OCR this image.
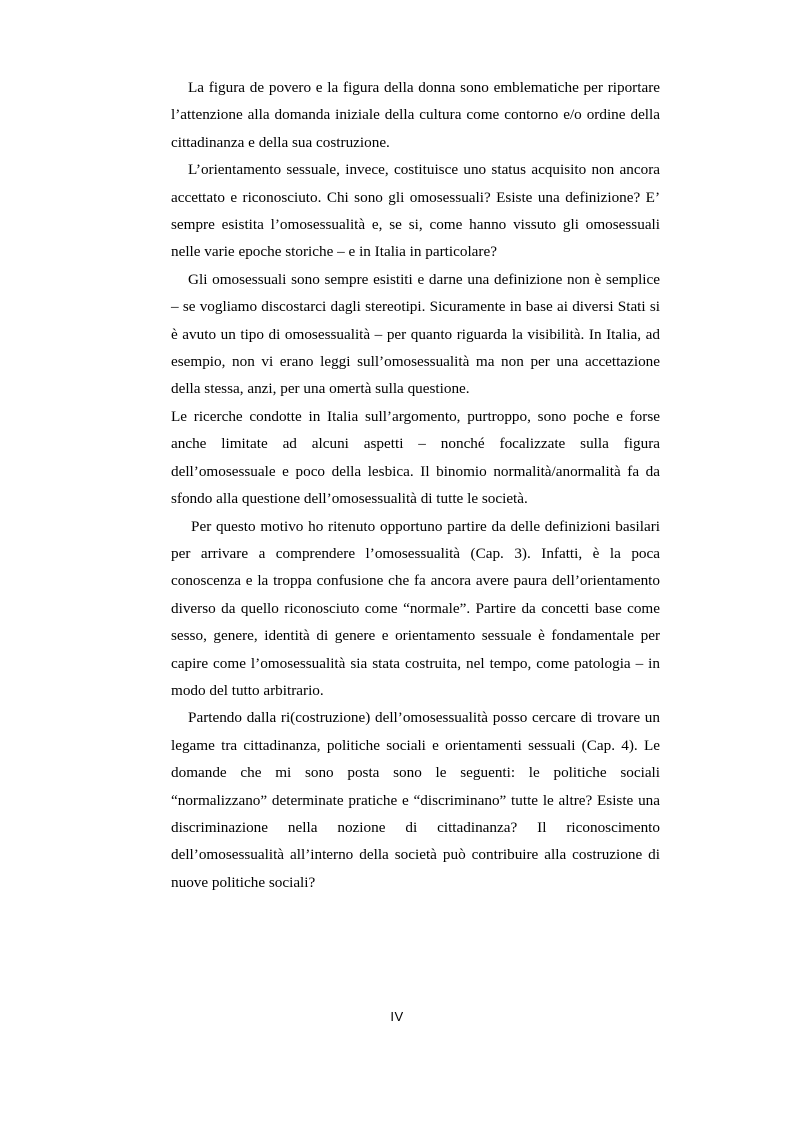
La figura de povero e la figura della donna sono emblematiche per riportare l’attenzione alla domanda iniziale della cultura come contorno e/o ordine della cittadinanza e della sua costruzione.

L’orientamento sessuale, invece, costituisce uno status acquisito non ancora accettato e riconosciuto. Chi sono gli omosessuali? Esiste una definizione? E’ sempre esistita l’omosessualità e, se si, come hanno vissuto gli omosessuali nelle varie epoche storiche – e in Italia in particolare?

Gli omosessuali sono sempre esistiti e darne una definizione non è semplice – se vogliamo discostarci dagli stereotipi. Sicuramente in base ai diversi Stati si è avuto un tipo di omosessualità – per quanto riguarda la visibilità. In Italia, ad esempio, non vi erano leggi sull’omosessualità ma non per una accettazione della stessa, anzi, per una omertà sulla questione.

Le ricerche condotte in Italia sull’argomento, purtroppo, sono poche e forse anche limitate ad alcuni aspetti – nonché focalizzate sulla figura dell’omosessuale e poco della lesbica. Il binomio normalità/anormalità fa da sfondo alla questione dell’omosessualità di tutte le società.

Per questo motivo ho ritenuto opportuno partire da delle definizioni basilari per arrivare a comprendere l’omosessualità (Cap. 3). Infatti, è la poca conoscenza e la troppa confusione che fa ancora avere paura dell’orientamento diverso da quello riconosciuto come “normale”. Partire da concetti base come sesso, genere, identità di genere e orientamento sessuale è fondamentale per capire come l’omosessualità sia stata costruita, nel tempo, come patologia – in modo del tutto arbitrario.

Partendo dalla ri(costruzione) dell’omosessualità posso cercare di trovare un legame tra cittadinanza, politiche sociali e orientamenti sessuali (Cap. 4). Le domande che mi sono posta sono le seguenti: le politiche sociali “normalizzano” determinate pratiche e “discriminano” tutte le altre? Esiste una discriminazione nella nozione di cittadinanza? Il riconoscimento dell’omosessualità all’interno della società può contribuire alla costruzione di nuove politiche sociali?

IV
